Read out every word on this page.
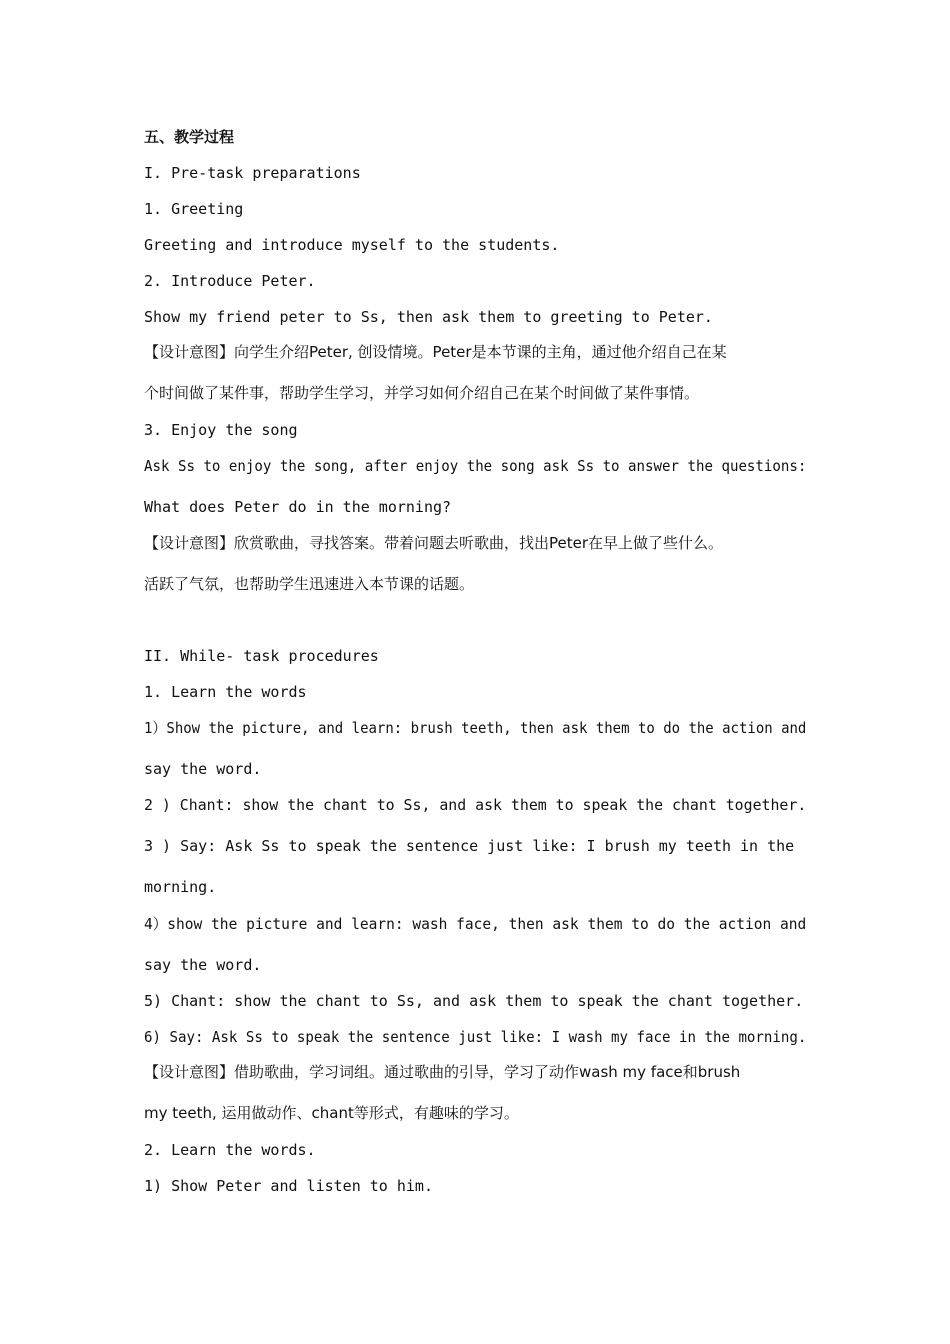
五、教学过程
I. Pre-task preparations
1. Greeting
Greeting and introduce myself to the students.
2. Introduce Peter.
Show my friend peter to Ss, then ask them to greeting to Peter.
【设计意图】向学生介绍Peter, 创设情境。Peter是本节课的主角，通过他介绍自己在某
个时间做了某件事，帮助学生学习，并学习如何介绍自己在某个时间做了某件事情。
3. Enjoy the song
Ask Ss to enjoy the song, after enjoy the song ask Ss to answer the questions:
What does Peter do in the morning?
【设计意图】欣赏歌曲，寻找答案。带着问题去听歌曲，找出Peter在早上做了些什么。
活跃了气氛，也帮助学生迅速进入本节课的话题。
II. While- task procedures
1. Learn the words
1）Show the picture, and learn: brush teeth, then ask them to do the action and
say the word.
2 ) Chant: show the chant to Ss, and ask them to speak the chant together.
3 ) Say: Ask Ss to speak the sentence just like: I brush my teeth in the
morning.
4）show the picture and learn: wash face, then ask them to do the action and
say the word.
5) Chant: show the chant to Ss, and ask them to speak the chant together.
6) Say: Ask Ss to speak the sentence just like: I wash my face in the morning.
【设计意图】借助歌曲，学习词组。通过歌曲的引导，学习了动作wash my face和brush
my teeth, 运用做动作、chant等形式，有趣味的学习。
2. Learn the words.
1) Show Peter and listen to him.
